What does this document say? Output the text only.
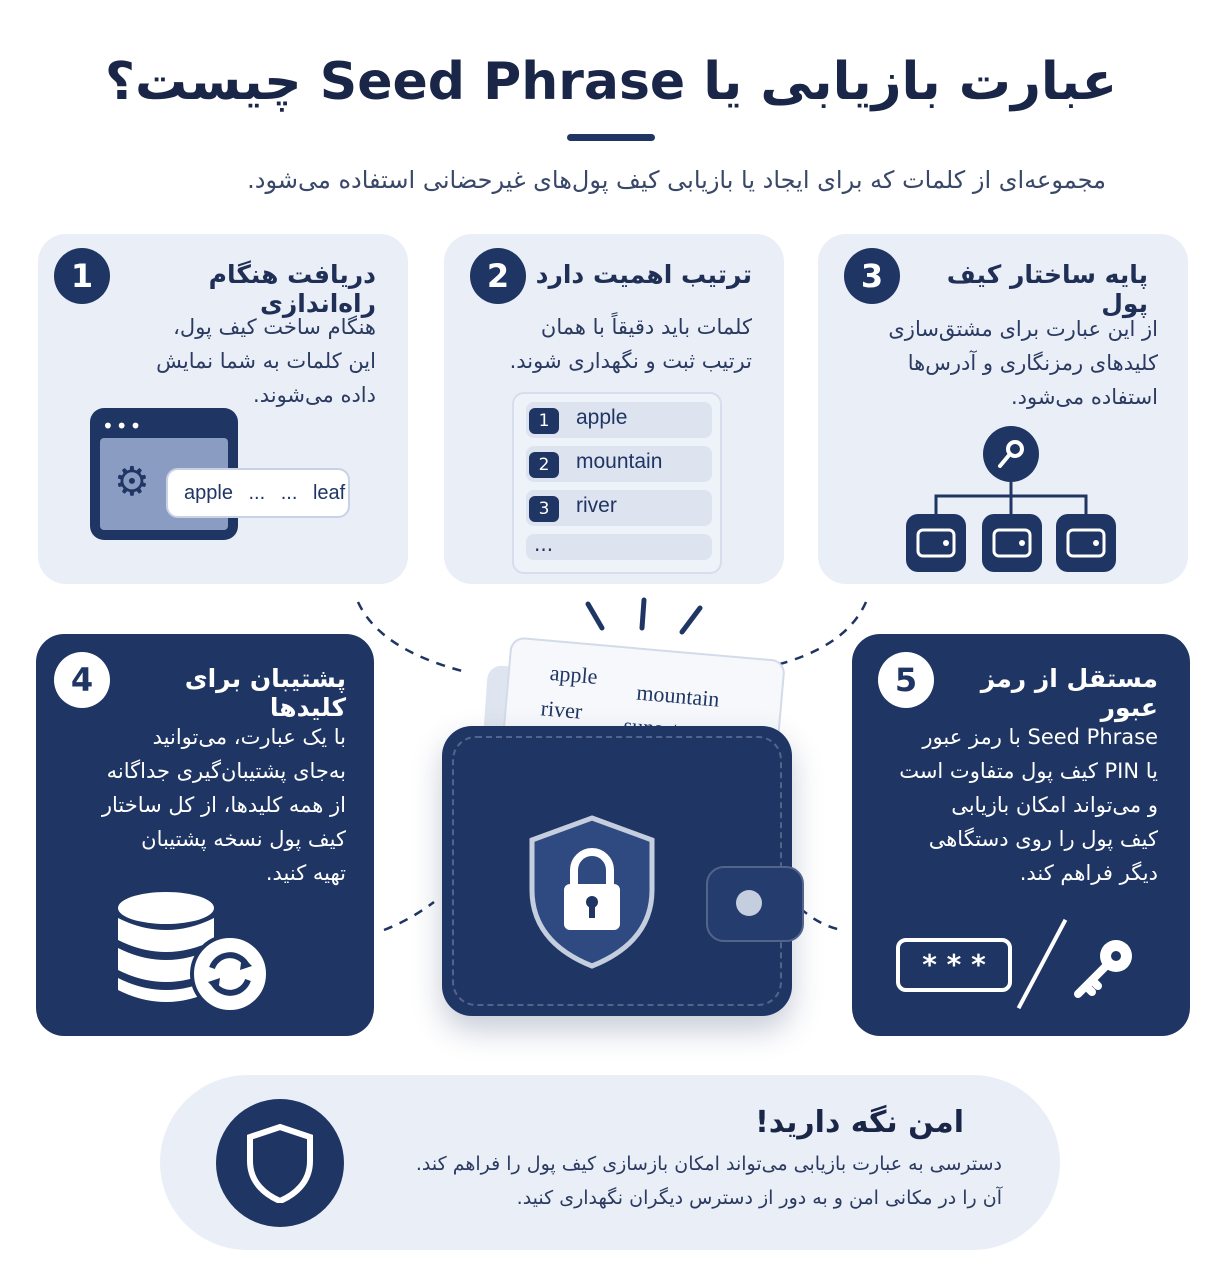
عبارت بازیابی یا Seed Phrase چیست؟
مجموعه‌ای از کلمات که برای ایجاد یا بازیابی کیف پول‌های غیرحضانی استفاده می‌شود.
1	دریافت هنگام راه‌اندازی
هنگام ساخت کیف پول،
این کلمات به شما نمایش
داده می‌شوند.
•••
⚙ apple ... ... leaf
2	ترتیب اهمیت دارد
کلمات باید دقیقاً با همان
ترتیب ثبت و نگهداری شوند.
1	apple
2	mountain
3	river
...
3	پایه ساختار کیف پول
از این عبارت برای مشتق‌سازی
کلیدهای رمزنگاری و آدرس‌ها
استفاده می‌شود.
4	پشتیبان برای کلیدها
با یک عبارت، می‌توانید
به‌جای پشتیبان‌گیری جداگانه
از همه کلیدها، از کل ساختار
کیف پول نسخه پشتیبان
تهیه کنید.
5	مستقل از رمز عبور
Seed Phrase با رمز عبور
یا PIN کیف پول متفاوت است
و می‌تواند امکان بازیابی
کیف پول را روی دستگاهی
دیگر فراهم کند.
* * *
apple
mountain
river
امن نگه دارید!
دسترسی به عبارت بازیابی می‌تواند امکان بازسازی کیف پول را فراهم کند.
آن را در مکانی امن و به دور از دسترس دیگران نگهداری کنید.
